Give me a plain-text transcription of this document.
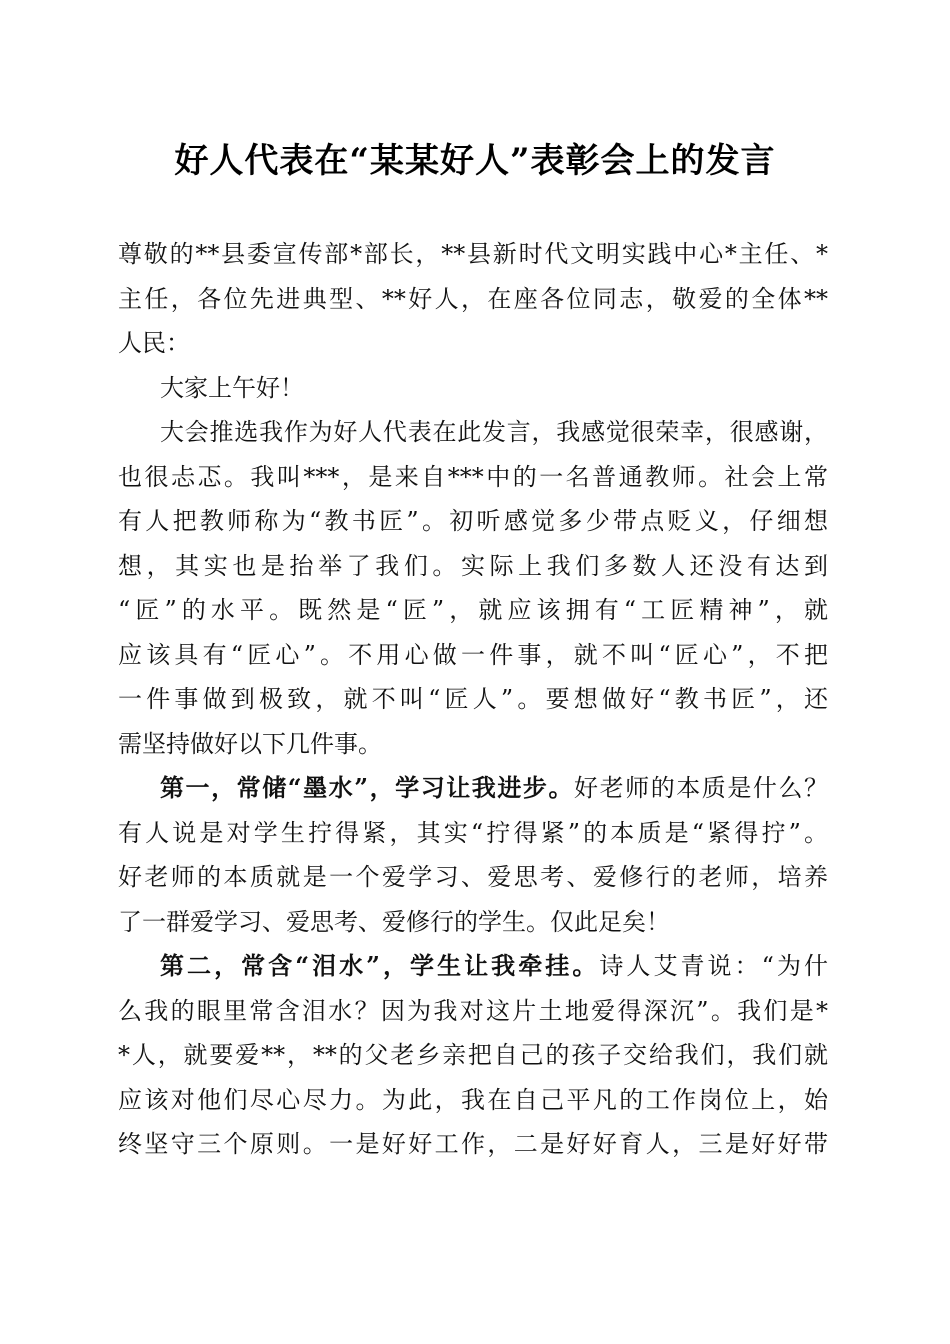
好人代表在“某某好人”表彰会上的发言
尊敬的**县委宣传部*部长，**县新时代文明实践中心*主任、*
主任，各位先进典型、**好人，在座各位同志，敬爱的全体**
人民：
大家上午好！
大会推选我作为好人代表在此发言，我感觉很荣幸，很感谢，
也很忐忑。我叫***，是来自***中的一名普通教师。社会上常
有人把教师称为“教书匠”。初听感觉多少带点贬义，仔细想
想，其实也是抬举了我们。实际上我们多数人还没有达到
“匠”的水平。既然是“匠”，就应该拥有“工匠精神”，就
应该具有“匠心”。不用心做一件事，就不叫“匠心”，不把
一件事做到极致，就不叫“匠人”。要想做好“教书匠”，还
需坚持做好以下几件事。
第一，常储“墨水”，学习让我进步。好老师的本质是什么？
有人说是对学生拧得紧，其实“拧得紧”的本质是“紧得拧”。
好老师的本质就是一个爱学习、爱思考、爱修行的老师，培养
了一群爱学习、爱思考、爱修行的学生。仅此足矣！
第二，常含“泪水”，学生让我牵挂。诗人艾青说：“为什
么我的眼里常含泪水？因为我对这片土地爱得深沉”。我们是*
*人，就要爱**，**的父老乡亲把自己的孩子交给我们，我们就
应该对他们尽心尽力。为此，我在自己平凡的工作岗位上，始
终坚守三个原则。一是好好工作，二是好好育人，三是好好带
